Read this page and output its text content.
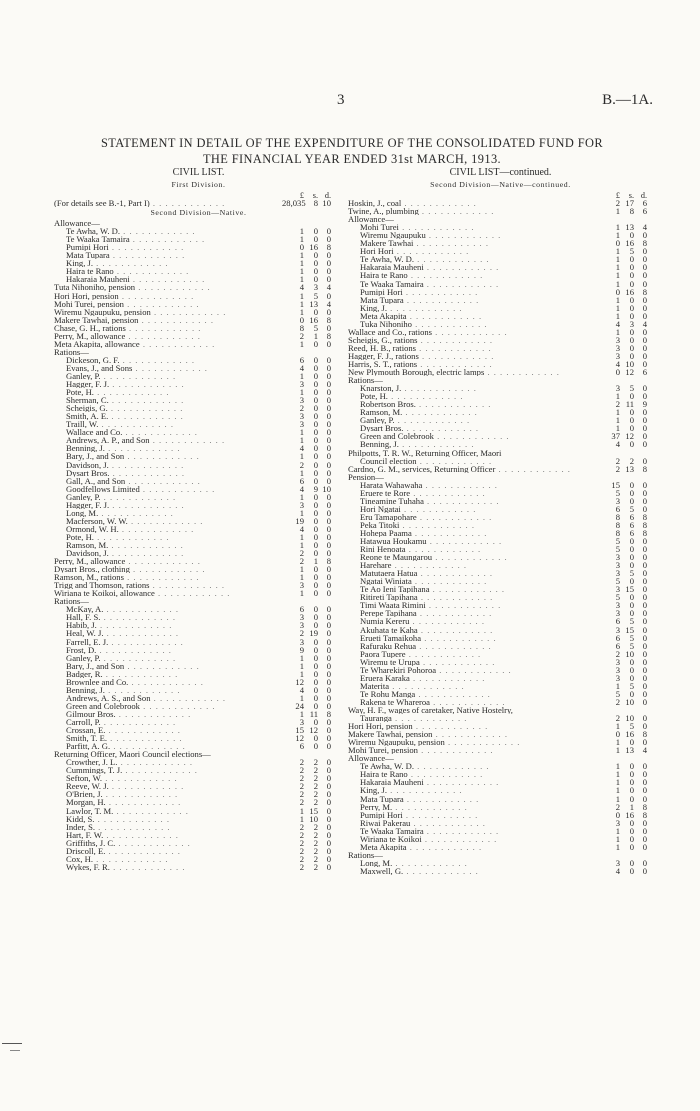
3	B.—1A.
STATEMENT IN DETAIL OF THE EXPENDITURE OF THE CONSOLIDATED FUND FOR
THE FINANCIAL YEAR ENDED 31st MARCH, 1913.
CIVIL LIST.
First Division.
£ s. d.
(For details see B.-1, Part I) . . . . . . . . . . . .	28,035 8 10
Second Division—Native.
Allowance—
Te Awha, W. D. . . . . . . . . . . . .	1 0 0
Te Waaka Tamaira . . . . . . . . . . . .	1 0 0
Pumipi Hori . . . . . . . . . . . .	0 16 8
Mata Tupara . . . . . . . . . . . .	1 0 0
King, J. . . . . . . . . . . . .	1 0 0
Haira te Rano . . . . . . . . . . . .	1 0 0
Hakaraia Mauheni . . . . . . . . . . . .	1 0 0
Tuta Nihoniho, pension . . . . . . . . . . . .	4 3 4
Hori Hori, pension . . . . . . . . . . . .	1 5 0
Mohi Turei, pension . . . . . . . . . . . .	1 13 4
Wiremu Ngaupuku, pension . . . . . . . . . . . .	1 0 0
Makere Tawhai, pension . . . . . . . . . . . .	0 16 8
Chase, G. H., rations . . . . . . . . . . . .	8 5 0
Perry, M., allowance . . . . . . . . . . . .	2 1 8
Meta Akapita, allowance . . . . . . . . . . . .	1 0 0
Rations—
Dickeson, G. F. . . . . . . . . . . . .	6 0 0
Evans, J., and Sons . . . . . . . . . . . .	4 0 0
Ganley, P. . . . . . . . . . . . .	1 0 0
Hagger, F. J. . . . . . . . . . . . .	3 0 0
Pote, H. . . . . . . . . . . . .	1 0 0
Sherman, C. . . . . . . . . . . . .	3 0 0
Scheigis, G. . . . . . . . . . . . .	2 0 0
Smith, A. E. . . . . . . . . . . . .	3 0 0
Traill, W. . . . . . . . . . . . .	3 0 0
Wallace and Co. . . . . . . . . . . . .	1 0 0
Andrews, A. P., and Son . . . . . . . . . . . .	1 0 0
Benning, J. . . . . . . . . . . . .	4 0 0
Bary, J., and Son . . . . . . . . . . . .	1 0 0
Davidson, J. . . . . . . . . . . . .	2 0 0
Dysart Bros. . . . . . . . . . . . .	1 0 0
Gall, A., and Son . . . . . . . . . . . .	6 0 0
Goodfellows Limited . . . . . . . . . . . .	4 9 10
Ganley, P. . . . . . . . . . . . .	1 0 0
Hagger, F. J. . . . . . . . . . . . .	3 0 0
Long, M. . . . . . . . . . . . .	1 0 0
Macferson, W. W. . . . . . . . . . . . .	19 0 0
Ormond, W. H. . . . . . . . . . . . .	4 0 0
Pote, H. . . . . . . . . . . . .	1 0 0
Ramson, M. . . . . . . . . . . . .	1 0 0
Davidson, J. . . . . . . . . . . . .	2 0 0
Perry, M., allowance . . . . . . . . . . . .	2 1 8
Dysart Bros., clothing . . . . . . . . . . . .	1 0 0
Ramson, M., rations . . . . . . . . . . . .	1 0 0
Trigg and Thomson, rations . . . . . . . . . . . .	3 0 0
Wiriana te Koikoi, allowance . . . . . . . . . . . .	1 0 0
Rations—
McKay, A. . . . . . . . . . . . .	6 0 0
Hall, F. S. . . . . . . . . . . . .	3 0 0
Habib, J. . . . . . . . . . . . .	3 0 0
Heal, W. J. . . . . . . . . . . . .	2 19 0
Farrell, E. J. . . . . . . . . . . . .	3 0 0
Frost, D. . . . . . . . . . . . .	9 0 0
Ganley, P. . . . . . . . . . . . .	1 0 0
Bary, J., and Son . . . . . . . . . . . .	1 0 0
Badger, R. . . . . . . . . . . . .	1 0 0
Brownlee and Co. . . . . . . . . . . . .	12 0 0
Benning, J. . . . . . . . . . . . .	4 0 0
Andrews, A. S., and Son . . . . . . . . . . . .	1 0 0
Green and Colebrook . . . . . . . . . . . .	24 0 0
Gilmour Bros. . . . . . . . . . . . .	1 11 8
Carroll, P. . . . . . . . . . . . .	3 0 0
Crossan, E. . . . . . . . . . . . .	15 12 0
Smith, T. E. . . . . . . . . . . . .	12 0 0
Parfitt, A. G. . . . . . . . . . . . .	6 0 0
Returning Officer, Maori Council elections—
Crowther, J. L. . . . . . . . . . . . .	2 2 0
Cummings, T. J. . . . . . . . . . . . .	2 2 0
Sefton, W. . . . . . . . . . . . .	2 2 0
Reeve, W. J. . . . . . . . . . . . .	2 2 0
O'Brien, J. . . . . . . . . . . . .	2 2 0
Morgan, H. . . . . . . . . . . . .	2 2 0
Lawlor, T. M. . . . . . . . . . . . .	1 15 0
Kidd, S. . . . . . . . . . . . .	1 10 0
Inder, S. . . . . . . . . . . . .	2 2 0
Hart, F. W. . . . . . . . . . . . .	2 2 0
Griffiths, J. C. . . . . . . . . . . . .	2 2 0
Driscoll, E. . . . . . . . . . . . .	2 2 0
Cox, H. . . . . . . . . . . . .	2 2 0
Wykes, F. R. . . . . . . . . . . . .	2 2 0
CIVIL LIST—continued.
Second Division—Native—continued.
£ s. d.
Hoskin, J., coal . . . . . . . . . . . .	2 17 6
Twine, A., plumbing . . . . . . . . . . . .	1 8 6
Allowance—
Mohi Turei . . . . . . . . . . . .	1 13 4
Wiremu Ngaupuku . . . . . . . . . . . .	1 0 0
Makere Tawhai . . . . . . . . . . . .	0 16 8
Hori Hori . . . . . . . . . . . .	1 5 0
Te Awha, W. D. . . . . . . . . . . . .	1 0 0
Hakaraia Mauheni . . . . . . . . . . . .	1 0 0
Haira te Rano . . . . . . . . . . . .	1 0 0
Te Waaka Tamaira . . . . . . . . . . . .	1 0 0
Pumipi Hori . . . . . . . . . . . .	0 16 8
Mata Tupara . . . . . . . . . . . .	1 0 0
King, J. . . . . . . . . . . . .	1 0 0
Meta Akapita . . . . . . . . . . . .	1 0 0
Tuka Nihoniho . . . . . . . . . . . .	4 3 4
Wallace and Co., rations . . . . . . . . . . . .	1 0 0
Scheigis, G., rations . . . . . . . . . . . .	3 0 0
Reed, H. B., rations . . . . . . . . . . . .	3 0 0
Hagger, F. J., rations . . . . . . . . . . . .	3 0 0
Harris, S. T., rations . . . . . . . . . . . .	4 10 0
New Plymouth Borough, electric lamps . . . . . . . . . . . .	0 12 6
Rations—
Knarston, J. . . . . . . . . . . . .	3 5 0
Pote, H. . . . . . . . . . . . .	1 0 0
Robertson Bros. . . . . . . . . . . . .	2 11 9
Ramson, M. . . . . . . . . . . . .	1 0 0
Ganley, P. . . . . . . . . . . . .	1 0 0
Dysart Bros. . . . . . . . . . . . .	1 0 0
Green and Colebrook . . . . . . . . . . . .	37 12 0
Benning, J. . . . . . . . . . . . .	4 0 0
Philpotts, T. R. W., Returning Officer, Maori
Council election . . . . . . . . . . . .	2 2 0
Cardno, G. M., services, Returning Officer . . . . . . . . . . . .	2 13 8
Pension—
Harata Wahawaha . . . . . . . . . . . .	15 0 0
Eruere te Rore . . . . . . . . . . . .	5 0 0
Tineamine Tuhaha . . . . . . . . . . . .	3 0 0
Hori Ngatai . . . . . . . . . . . .	6 5 0
Eru Tamapohare . . . . . . . . . . . .	8 6 8
Peka Titoki . . . . . . . . . . . .	8 6 8
Hohepa Paama . . . . . . . . . . . .	8 6 8
Hatawua Houkamu . . . . . . . . . . . .	5 0 0
Rini Henoata . . . . . . . . . . . .	5 0 0
Reone te Maungarou . . . . . . . . . . . .	3 0 0
Harehare . . . . . . . . . . . .	3 0 0
Matutaera Hatua . . . . . . . . . . . .	3 5 0
Ngatai Winiata . . . . . . . . . . . .	5 0 0
Te Ao Ieni Tapihana . . . . . . . . . . . .	3 15 0
Ritireti Tapihana . . . . . . . . . . . .	5 0 0
Timi Waata Rimini . . . . . . . . . . . .	3 0 0
Perepe Tapihana . . . . . . . . . . . .	3 0 0
Numia Kereru . . . . . . . . . . . .	6 5 0
Akuhata te Kaha . . . . . . . . . . . .	3 15 0
Erueti Tamaikoha . . . . . . . . . . . .	6 5 0
Rafuraku Rehua . . . . . . . . . . . .	6 5 0
Paora Tupere . . . . . . . . . . . .	2 10 0
Wiremu te Urupa . . . . . . . . . . . .	3 0 0
Te Wharekiri Pohoroa . . . . . . . . . . . .	3 0 0
Eruera Karaka . . . . . . . . . . . .	3 0 0
Materita . . . . . . . . . . . .	1 5 0
Te Rohu Manga . . . . . . . . . . . .	5 0 0
Rakena te Whareroa . . . . . . . . . . . .	2 10 0
Way, H. F., wages of caretaker, Native Hostelry,
Tauranga . . . . . . . . . . . .	2 10 0
Hori Hori, pension . . . . . . . . . . . .	1 5 0
Makere Tawhai, pension . . . . . . . . . . . .	0 16 8
Wiremu Ngaupuku, pension . . . . . . . . . . . .	1 0 0
Mohi Turei, pension . . . . . . . . . . . .	1 13 4
Allowance—
Te Awha, W. D. . . . . . . . . . . . .	1 0 0
Haira te Rano . . . . . . . . . . . .	1 0 0
Hakaraia Mauheni . . . . . . . . . . . .	1 0 0
King, J. . . . . . . . . . . . .	1 0 0
Mata Tupara . . . . . . . . . . . .	1 0 0
Perry, M. . . . . . . . . . . . .	2 1 8
Pumipi Hori . . . . . . . . . . . .	0 16 8
Riwai Pakerau . . . . . . . . . . . .	3 0 0
Te Waaka Tamaira . . . . . . . . . . . .	1 0 0
Wiriana te Koikoi . . . . . . . . . . . .	1 0 0
Meta Akapita . . . . . . . . . . . .	1 0 0
Rations—
Long, M. . . . . . . . . . . . .	3 0 0
Maxwell, G. . . . . . . . . . . . .	4 0 0
